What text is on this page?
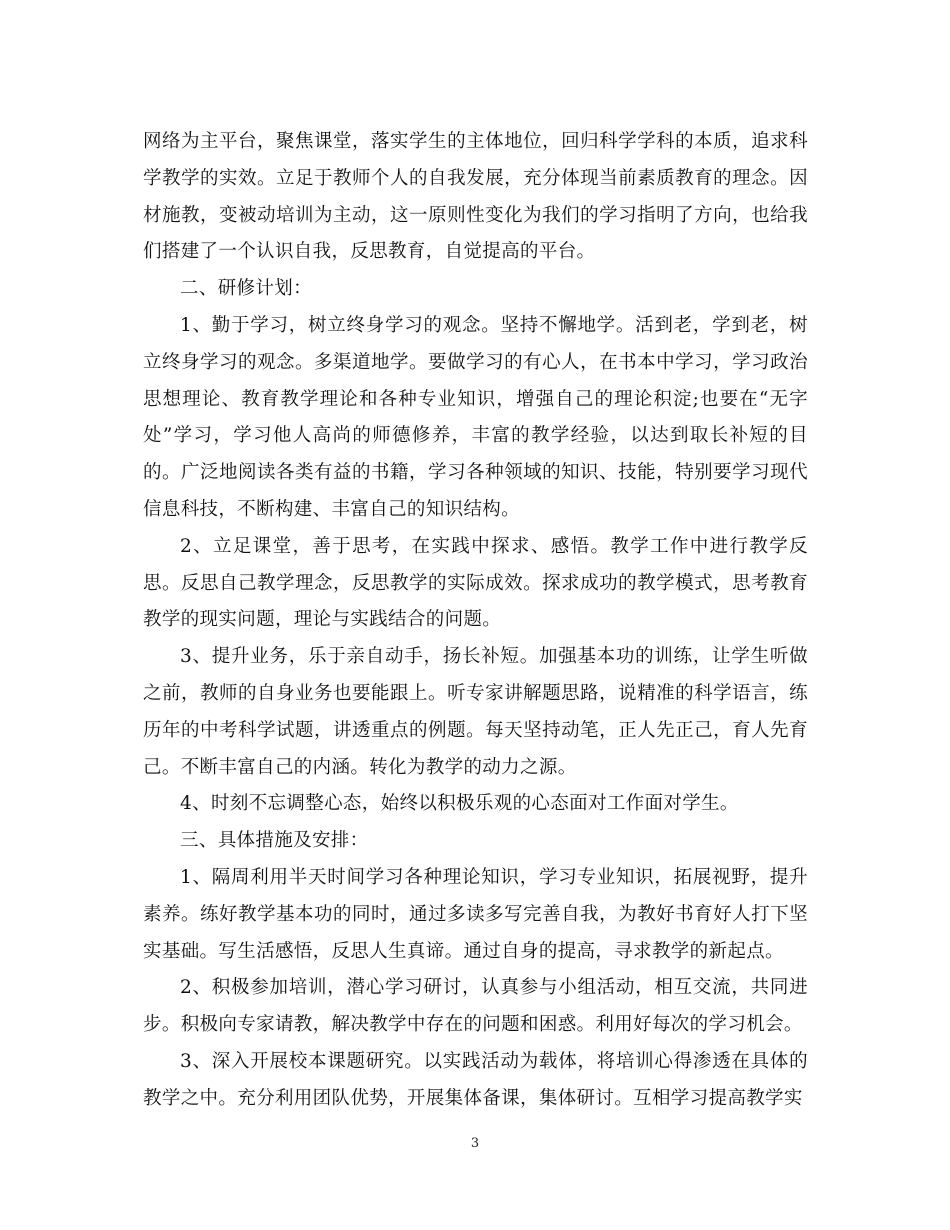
网络为主平台，聚焦课堂，落实学生的主体地位，回归科学学科的本质，追求科学教学的实效。立足于教师个人的自我发展，充分体现当前素质教育的理念。因材施教，变被动培训为主动，这一原则性变化为我们的学习指明了方向，也给我们搭建了一个认识自我，反思教育，自觉提高的平台。

二、研修计划：

1、勤于学习，树立终身学习的观念。坚持不懈地学。活到老，学到老，树立终身学习的观念。多渠道地学。要做学习的有心人，在书本中学习，学习政治思想理论、教育教学理论和各种专业知识，增强自己的理论积淀;也要在“无字处”学习，学习他人高尚的师德修养，丰富的教学经验，以达到取长补短的目的。广泛地阅读各类有益的书籍，学习各种领域的知识、技能，特别要学习现代信息科技，不断构建、丰富自己的知识结构。

2、立足课堂，善于思考，在实践中探求、感悟。教学工作中进行教学反思。反思自己教学理念，反思教学的实际成效。探求成功的教学模式，思考教育教学的现实问题，理论与实践结合的问题。

3、提升业务，乐于亲自动手，扬长补短。加强基本功的训练，让学生听做之前，教师的自身业务也要能跟上。听专家讲解题思路，说精准的科学语言，练历年的中考科学试题，讲透重点的例题。每天坚持动笔，正人先正己，育人先育己。不断丰富自己的内涵。转化为教学的动力之源。

4、时刻不忘调整心态，始终以积极乐观的心态面对工作面对学生。

三、具体措施及安排：

1、隔周利用半天时间学习各种理论知识，学习专业知识，拓展视野，提升素养。练好教学基本功的同时，通过多读多写完善自我，为教好书育好人打下坚实基础。写生活感悟，反思人生真谛。通过自身的提高，寻求教学的新起点。

2、积极参加培训，潜心学习研讨，认真参与小组活动，相互交流，共同进步。积极向专家请教，解决教学中存在的问题和困惑。利用好每次的学习机会。

3、深入开展校本课题研究。以实践活动为载体，将培训心得渗透在具体的教学之中。充分利用团队优势，开展集体备课，集体研讨。互相学习提高教学实

3
